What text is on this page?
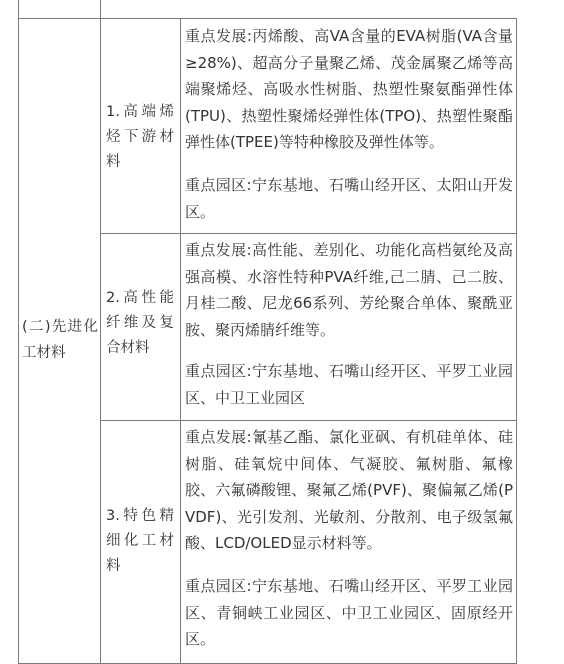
(二)先进化工材料
1.高端烯烃下游材料
重点发展:丙烯酸、高VA含量的EVA树脂(VA含量≥28%)、超高分子量聚乙烯、茂金属聚乙烯等高端聚烯烃、高吸水性树脂、热塑性聚氨酯弹性体(TPU)、热塑性聚烯烃弹性体(TPO)、热塑性聚酯弹性体(TPEE)等特种橡胶及弹性体等。
重点园区:宁东基地、石嘴山经开区、太阳山开发区。
2.高性能纤维及复合材料
重点发展:高性能、差别化、功能化高档氨纶及高强高模、水溶性特种PVA纤维,己二腈、己二胺、月桂二酸、尼龙66系列、芳纶聚合单体、聚酰亚胺、聚丙烯腈纤维等。
重点园区:宁东基地、石嘴山经开区、平罗工业园区、中卫工业园区
3.特色精细化工材料
重点发展:氰基乙酯、氯化亚砜、有机硅单体、硅树脂、硅氧烷中间体、气凝胶、氟树脂、氟橡胶、六氟磷酸锂、聚氟乙烯(PVF)、聚偏氟乙烯(PVDF)、光引发剂、光敏剂、分散剂、电子级氢氟酸、LCD/OLED显示材料等。
重点园区:宁东基地、石嘴山经开区、平罗工业园区、青铜峡工业园区、中卫工业园区、固原经开区。
